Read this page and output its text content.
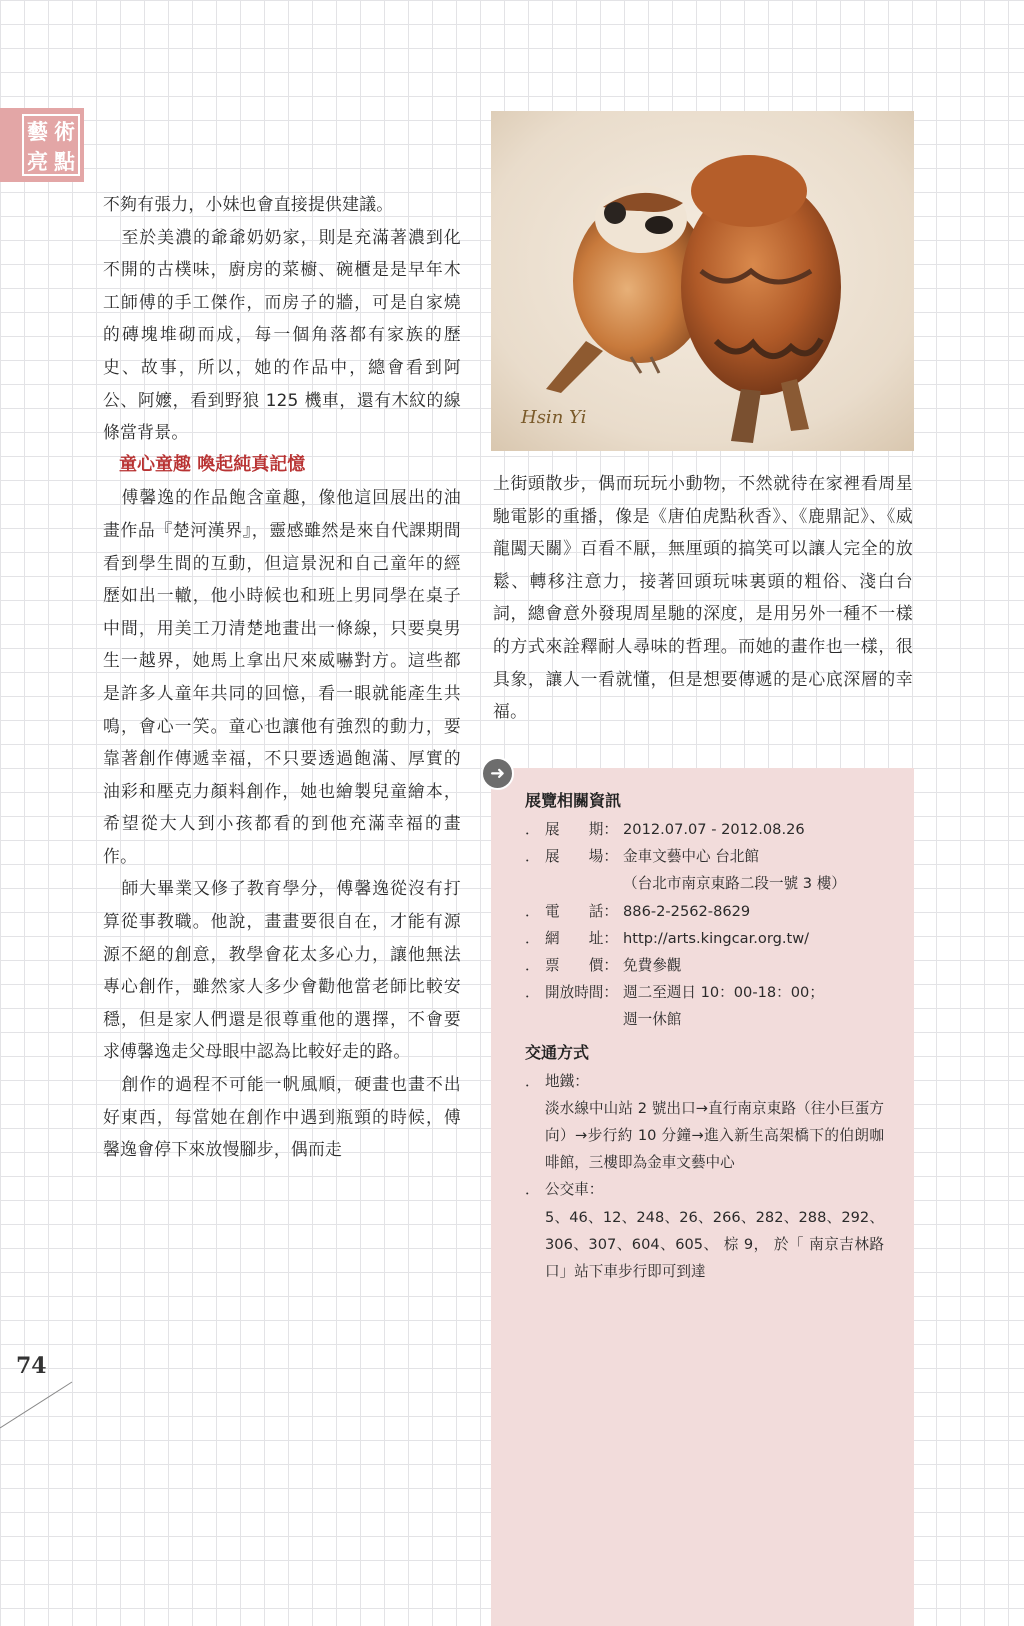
藝 術
亮 點

不夠有張力，小妹也會直接提供建議。

至於美濃的爺爺奶奶家，則是充滿著濃到化不開的古樸味，廚房的菜櫥、碗櫃是是早年木工師傅的手工傑作，而房子的牆，可是自家燒的磚塊堆砌而成，每一個角落都有家族的歷史、故事，所以，她的作品中，總會看到阿公、阿嬤，看到野狼 125 機車，還有木紋的線條當背景。

童心童趣 喚起純真記憶

傅馨逸的作品飽含童趣，像他這回展出的油畫作品『楚河漢界』，靈感雖然是來自代課期間看到學生間的互動，但這景況和自己童年的經歷如出一轍，他小時候也和班上男同學在桌子中間，用美工刀清楚地畫出一條線，只要臭男生一越界，她馬上拿出尺來威嚇對方。這些都是許多人童年共同的回憶，看一眼就能產生共鳴，會心一笑。童心也讓他有強烈的動力，要靠著創作傳遞幸福，不只要透過飽滿、厚實的油彩和壓克力顏料創作，她也繪製兒童繪本，希望從大人到小孩都看的到他充滿幸福的畫作。

師大畢業又修了教育學分，傅馨逸從沒有打算從事教職。他說，畫畫要很自在，才能有源源不絕的創意，教學會花太多心力，讓他無法專心創作，雖然家人多少會勸他當老師比較安穩，但是家人們還是很尊重他的選擇，不會要求傅馨逸走父母眼中認為比較好走的路。

創作的過程不可能一帆風順，硬畫也畫不出好東西，每當她在創作中遇到瓶頸的時候，傅馨逸會停下來放慢腳步，偶而走

Hsin Yi

上街頭散步，偶而玩玩小動物，不然就待在家裡看周星馳電影的重播，像是《唐伯虎點秋香》、《鹿鼎記》、《威龍闖天關》百看不厭，無厘頭的搞笑可以讓人完全的放鬆、轉移注意力，接著回頭玩味裏頭的粗俗、淺白台詞，總會意外發現周星馳的深度，是用另外一種不一樣的方式來詮釋耐人尋味的哲理。而她的畫作也一樣，很具象，讓人一看就懂，但是想要傳遞的是心底深層的幸福。

展覽相關資訊
． 展　　期： 2012.07.07 - 2012.08.26
． 展　　場： 金車文藝中心 台北館
（台北市南京東路二段一號 3 樓）
． 電　　話： 886-2-2562-8629
． 網　　址： http://arts.kingcar.org.tw/
． 票　　價： 免費參觀
． 開放時間： 週二至週日 10：00-18：00；
週一休館
交通方式
． 地鐵：
淡水線中山站 2 號出口→直行南京東路（往小巨蛋方向）→步行約 10 分鐘→進入新生高架橋下的伯朗咖啡館，三樓即為金車文藝中心
． 公交車：
5、46、12、248、26、266、282、288、292、306、307、604、605、 棕 9， 於「 南京吉林路口」站下車步行即可到達
➜
74
